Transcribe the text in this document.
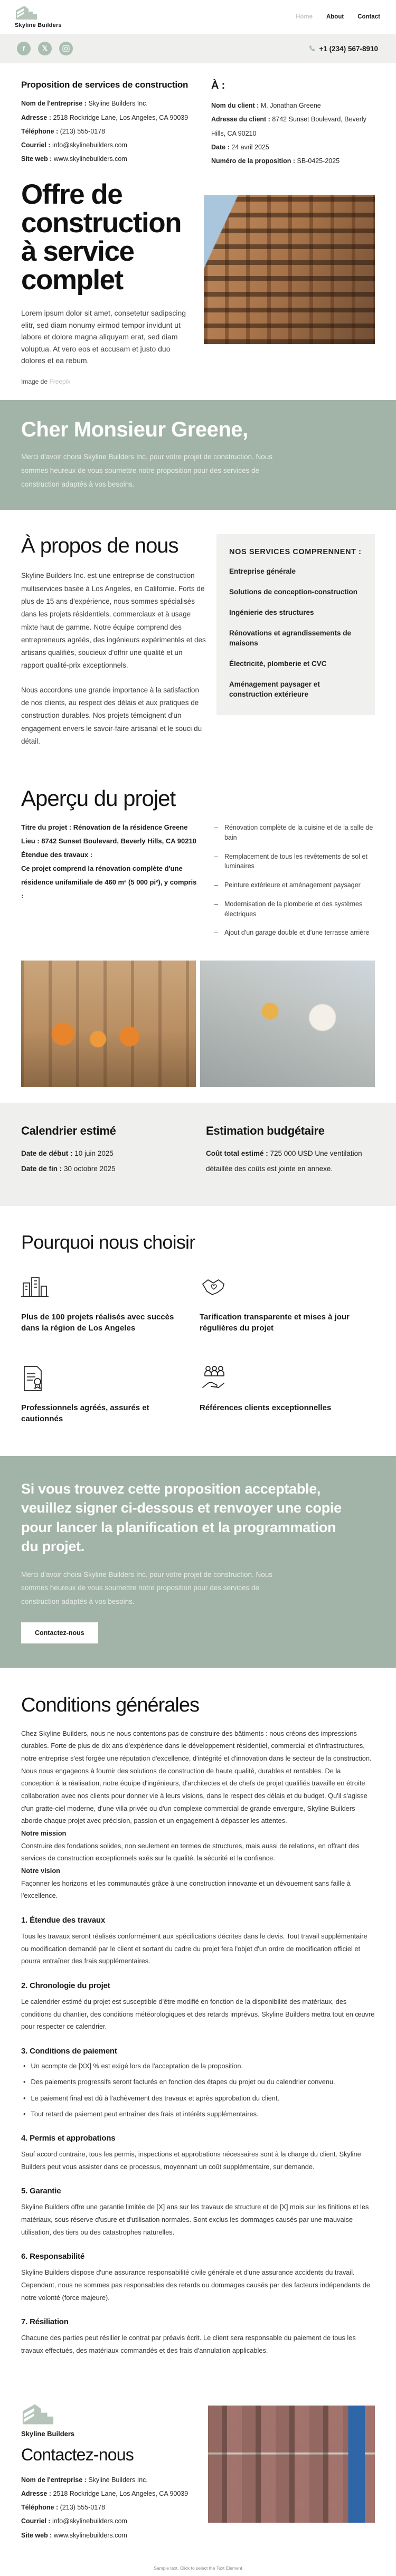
Skyline Builders
Home About Contact
f	𝕏	+1 (234) 567-8910
Proposition de services de construction

Nom de l'entreprise : Skyline Builders Inc.

Adresse : 2518 Rockridge Lane, Los Angeles, CA 90039

Téléphone : (213) 555-0178

Courriel : info@skylinebuilders.com

Site web : www.skylinebuilders.com

À :

Nom du client : M. Jonathan Greene

Adresse du client : 8742 Sunset Boulevard, Beverly Hills, CA 90210

Date : 24 avril 2025

Numéro de la proposition : SB-0425-2025

Offre de construction à service complet

Lorem ipsum dolor sit amet, consetetur sadipscing elitr, sed diam nonumy eirmod tempor invidunt ut labore et dolore magna aliquyam erat, sed diam voluptua. At vero eos et accusam et justo duo dolores et ea rebum.

Image de Freepik

Cher Monsieur Greene,

Merci d'avoir choisi Skyline Builders Inc. pour votre projet de construction. Nous sommes heureux de vous soumettre notre proposition pour des services de construction adaptés à vos besoins.

À propos de nous

Skyline Builders Inc. est une entreprise de construction multiservices basée à Los Angeles, en Californie. Forts de plus de 15 ans d'expérience, nous sommes spécialisés dans les projets résidentiels, commerciaux et à usage mixte haut de gamme. Notre équipe comprend des entrepreneurs agréés, des ingénieurs expérimentés et des artisans qualifiés, soucieux d'offrir une qualité et un rapport qualité-prix exceptionnels.

Nous accordons une grande importance à la satisfaction de nos clients, au respect des délais et aux pratiques de construction durables. Nos projets témoignent d'un engagement envers le savoir-faire artisanal et le souci du détail.

NOS SERVICES COMPRENNENT :
Entreprise générale
Solutions de conception-construction
Ingénierie des structures
Rénovations et agrandissements de maisons
Électricité, plomberie et CVC
Aménagement paysager et construction extérieure
Aperçu du projet

Titre du projet : Rénovation de la résidence Greene

Lieu : 8742 Sunset Boulevard, Beverly Hills, CA 90210

Étendue des travaux :

Ce projet comprend la rénovation complète d'une résidence unifamiliale de 460 m² (5 000 pi²), y compris :

– Rénovation complète de la cuisine et de la salle de bain
– Remplacement de tous les revêtements de sol et luminaires
– Peinture extérieure et aménagement paysager
– Modernisation de la plomberie et des systèmes électriques
– Ajout d'un garage double et d'une terrasse arrière
Calendrier estimé

Date de début : 10 juin 2025

Date de fin : 30 octobre 2025

Estimation budgétaire

Coût total estimé : 725 000 USD Une ventilation détaillée des coûts est jointe en annexe.

Pourquoi nous choisir
Plus de 100 projets réalisés avec succès dans la région de Los Angeles
Tarification transparente et mises à jour régulières du projet
Professionnels agréés, assurés et cautionnés
Références clients exceptionnelles
Si vous trouvez cette proposition acceptable, veuillez signer ci-dessous et renvoyer une copie pour lancer la planification et la programmation du projet.

Merci d'avoir choisi Skyline Builders Inc. pour votre projet de construction. Nous sommes heureux de vous soumettre notre proposition pour des services de construction adaptés à vos besoins.

Contactez-nous
Conditions générales

Chez Skyline Builders, nous ne nous contentons pas de construire des bâtiments : nous créons des impressions durables. Forte de plus de dix ans d'expérience dans le développement résidentiel, commercial et d'infrastructures, notre entreprise s'est forgée une réputation d'excellence, d'intégrité et d'innovation dans le secteur de la construction. Nous nous engageons à fournir des solutions de construction de haute qualité, durables et rentables. De la conception à la réalisation, notre équipe d'ingénieurs, d'architectes et de chefs de projet qualifiés travaille en étroite collaboration avec nos clients pour donner vie à leurs visions, dans le respect des délais et du budget. Qu'il s'agisse d'un gratte-ciel moderne, d'une villa privée ou d'un complexe commercial de grande envergure, Skyline Builders aborde chaque projet avec précision, passion et un engagement à dépasser les attentes.

Notre mission

Construire des fondations solides, non seulement en termes de structures, mais aussi de relations, en offrant des services de construction exceptionnels axés sur la qualité, la sécurité et la confiance.

Notre vision

Façonner les horizons et les communautés grâce à une construction innovante et un dévouement sans faille à l'excellence.

1. Étendue des travaux

Tous les travaux seront réalisés conformément aux spécifications décrites dans le devis. Tout travail supplémentaire ou modification demandé par le client et sortant du cadre du projet fera l'objet d'un ordre de modification officiel et pourra entraîner des frais supplémentaires.

2. Chronologie du projet

Le calendrier estimé du projet est susceptible d'être modifié en fonction de la disponibilité des matériaux, des conditions du chantier, des conditions météorologiques et des retards imprévus. Skyline Builders mettra tout en œuvre pour respecter ce calendrier.

3. Conditions de paiement
• Un acompte de [XX] % est exigé lors de l'acceptation de la proposition.
• Des paiements progressifs seront facturés en fonction des étapes du projet ou du calendrier convenu.
• Le paiement final est dû à l'achèvement des travaux et après approbation du client.
• Tout retard de paiement peut entraîner des frais et intérêts supplémentaires.
4. Permis et approbations

Sauf accord contraire, tous les permis, inspections et approbations nécessaires sont à la charge du client. Skyline Builders peut vous assister dans ce processus, moyennant un coût supplémentaire, sur demande.

5. Garantie

Skyline Builders offre une garantie limitée de [X] ans sur les travaux de structure et de [X] mois sur les finitions et les matériaux, sous réserve d'usure et d'utilisation normales. Sont exclus les dommages causés par une mauvaise utilisation, des tiers ou des catastrophes naturelles.

6. Responsabilité

Skyline Builders dispose d'une assurance responsabilité civile générale et d'une assurance accidents du travail. Cependant, nous ne sommes pas responsables des retards ou dommages causés par des facteurs indépendants de notre volonté (force majeure).

7. Résiliation

Chacune des parties peut résilier le contrat par préavis écrit. Le client sera responsable du paiement de tous les travaux effectués, des matériaux commandés et des frais d'annulation applicables.

Skyline Builders
Contactez-nous

Nom de l'entreprise : Skyline Builders Inc.

Adresse : 2518 Rockridge Lane, Los Angeles, CA 90039

Téléphone : (213) 555-0178

Courriel : info@skylinebuilders.com

Site web : www.skylinebuilders.com

Sample text. Click to select the Text Element
